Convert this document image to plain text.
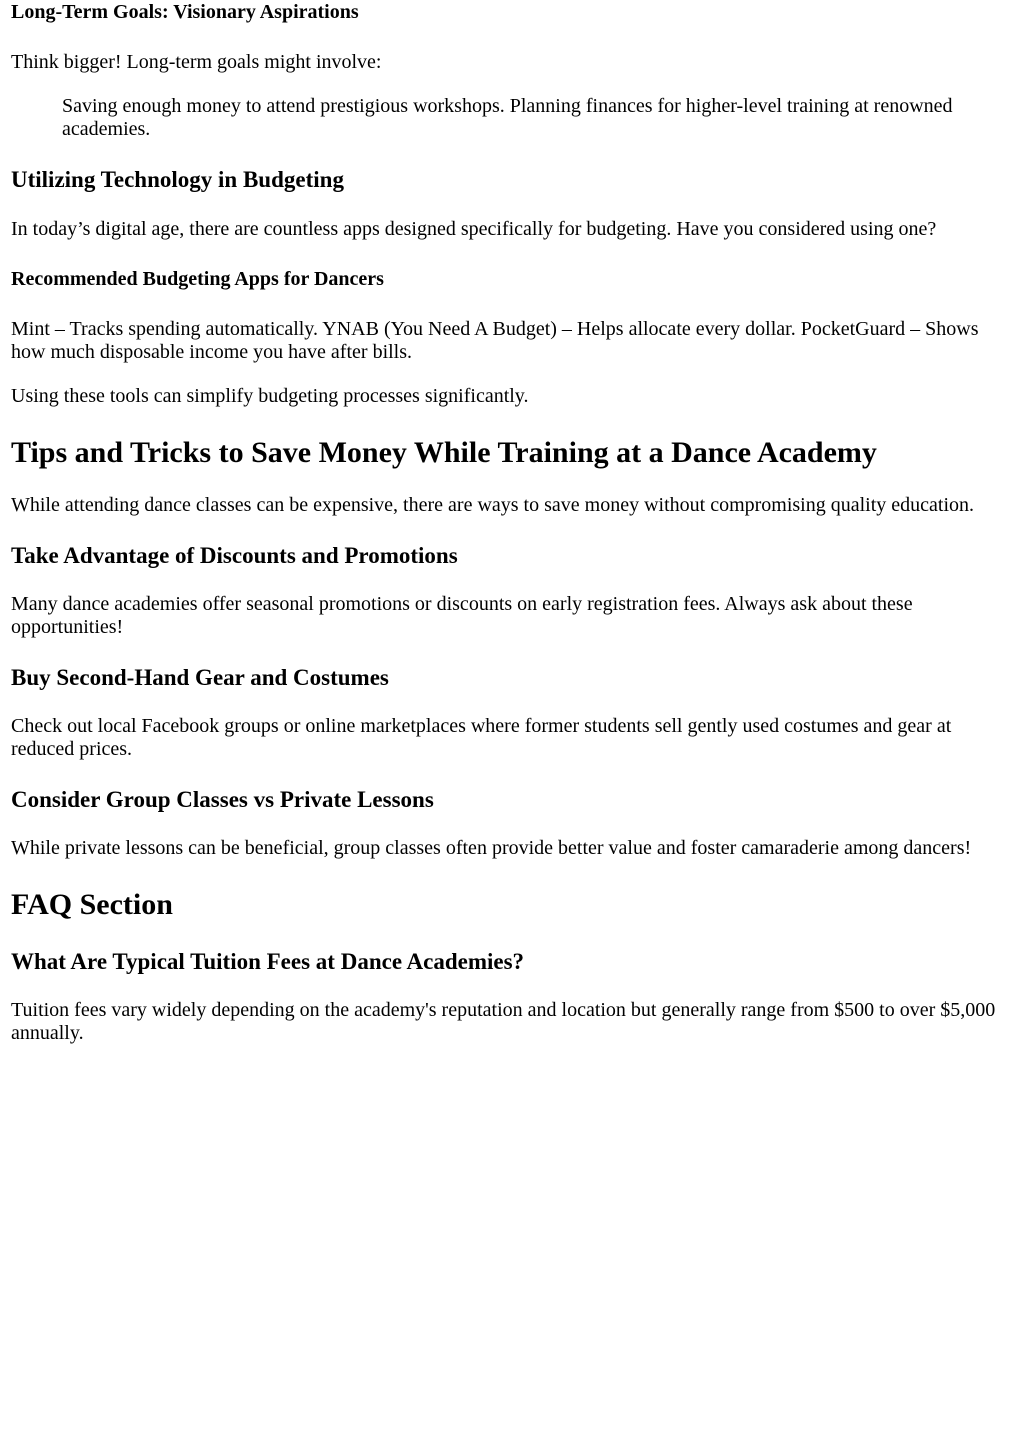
Long-Term Goals: Visionary Aspirations

Think bigger! Long-term goals might involve:

Saving enough money to attend prestigious workshops. Planning finances for higher-level training at renowned academies.
Utilizing Technology in Budgeting

In today’s digital age, there are countless apps designed specifically for budgeting. Have you considered using one?

Recommended Budgeting Apps for Dancers

Mint – Tracks spending automatically. YNAB (You Need A Budget) – Helps allocate every dollar. PocketGuard – Shows how much disposable income you have after bills.

Using these tools can simplify budgeting processes significantly.

Tips and Tricks to Save Money While Training at a Dance Academy

While attending dance classes can be expensive, there are ways to save money without compromising quality education.

Take Advantage of Discounts and Promotions

Many dance academies offer seasonal promotions or discounts on early registration fees. Always ask about these opportunities!

Buy Second-Hand Gear and Costumes

Check out local Facebook groups or online marketplaces where former students sell gently used costumes and gear at reduced prices.

Consider Group Classes vs Private Lessons

While private lessons can be beneficial, group classes often provide better value and foster camaraderie among dancers!

FAQ Section
What Are Typical Tuition Fees at Dance Academies?

Tuition fees vary widely depending on the academy's reputation and location but generally range from $500 to over $5,000 annually.
